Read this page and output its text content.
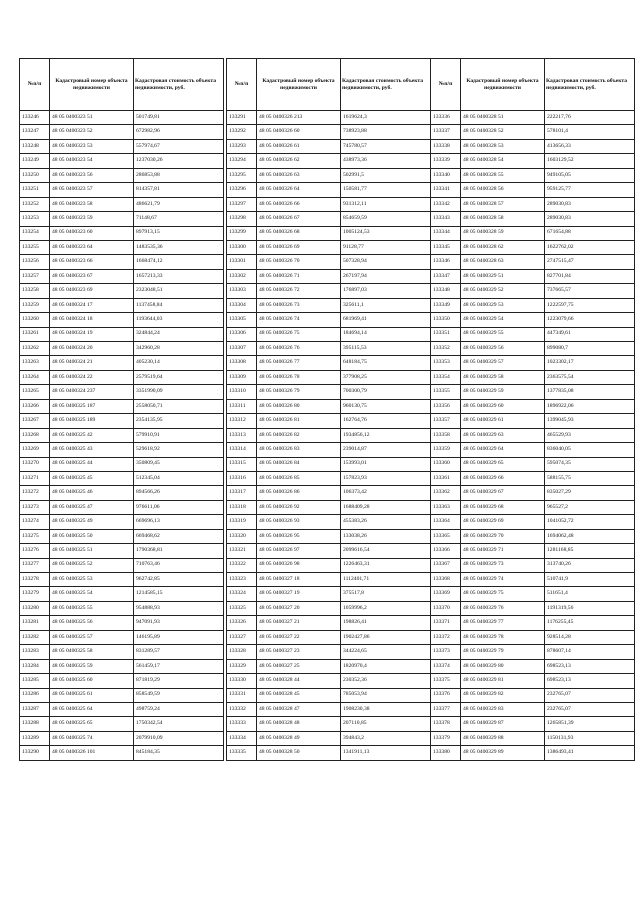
№п/п	Кадастровый номер объекта недвижимости	Кадастровая стоимость объекта недвижимости, руб.
133246	48 05 0400323 51	501749,81
133247	48 05 0400323 52	672982,96
133248	48 05 0400323 53	557974,67
133249	48 05 0400323 54	1237030,26
133250	48 05 0400323 56	286853,88
133251	48 05 0400323 57	814357,81
133252	48 05 0400323 58	486621,79
133253	48 05 0400323 59	71148,67
133254	48 05 0400323 60	897913,15
133255	48 05 0400323 64	1483535,36
133256	48 05 0400323 66	1668474,12
133257	48 05 0400323 67	1657213,33
133258	48 05 0400323 69	2323048,51
133259	48 05 0400324 17	1137458,84
133260	48 05 0400324 18	1193644,03
133261	48 05 0400324 19	324844,24
133262	48 05 0400324 20	342960,28
133263	48 05 0400324 21	405230,14
133264	48 05 0400324 22	2579519,64
133265	48 05 0400324 237	3351990,09
133266	48 05 0400325 187	2558050,71
133267	48 05 0400325 189	2354135,95
133268	48 05 0400325 42	579910,91
133269	48 05 0400325 43	529618,92
133270	48 05 0400325 44	350809,45
133271	48 05 0400325 45	512345,04
133272	48 05 0400325 46	894566,26
133273	48 05 0400325 47	976611,06
133274	48 05 0400325 49	669696,13
133275	48 05 0400325 50	669468,62
133276	48 05 0400325 51	1790368,81
133277	48 05 0400325 52	710763,46
133278	48 05 0400325 53	962742,85
133279	48 05 0400325 54	1214585,15
133280	48 05 0400325 55	954888,93
133281	48 05 0400325 56	947091,93
133282	48 05 0400325 57	146195,89
133283	48 05 0400325 58	831289,57
133284	48 05 0400325 59	561459,17
133285	48 05 0400325 60	871819,29
133286	48 05 0400325 61	858549,59
133287	48 05 0400325 64	498759,24
133288	48 05 0400325 65	1750342,54
133289	48 05 0400325 74	2079910,09
133290	48 05 0400326 101	845184,35
№п/п	Кадастровый номер объекта недвижимости	Кадастровая стоимость объекта недвижимости, руб.
133291	48 05 0400326 213	1619624,3
133292	48 05 0400326 60	738923,88
133293	48 05 0400326 61	745780,57
133294	48 05 0400326 62	438973,36
133295	48 05 0400326 63	502991,5
133296	48 05 0400326 64	150581,77
133297	48 05 0400326 66	931312,11
133298	48 05 0400326 67	854659,59
133299	48 05 0400326 68	1005124,53
133300	48 05 0400326 69	91128,77
133301	48 05 0400326 70	507328,94
133302	48 05 0400326 71	267197,94
133303	48 05 0400326 72	176897,03
133304	48 05 0400326 73	325611,1
133305	48 05 0400326 74	681969,41
133306	48 05 0400326 75	184694,14
133307	48 05 0400326 76	395115,53
133308	48 05 0400326 77	648184,75
133309	48 05 0400326 78	377908,25
133310	48 05 0400326 79	700300,79
133311	48 05 0400326 80	960130,75
133312	48 05 0400326 81	162764,76
133313	48 05 0400326 82	1934856,12
133314	48 05 0400326 83	239014,87
133315	48 05 0400326 84	153993,01
133316	48 05 0400326 85	157823,93
133317	48 05 0400326 86	106373,42
133318	48 05 0400326 92	1688409,28
133319	48 05 0400326 93	455383,26
133320	48 05 0400326 95	133038,26
133321	48 05 0400326 97	2099616,54
133322	48 05 0400326 98	1226463,31
133323	48 05 0400327 18	1112401,71
133324	48 05 0400327 19	375517,8
133325	48 05 0400327 20	1059996,2
133326	48 05 0400327 21	198826,41
133327	48 05 0400327 22	1902427,86
133328	48 05 0400327 23	344224,65
133329	48 05 0400327 25	1820970,4
133330	48 05 0400328 44	230352,36
133331	48 05 0400328 45	785053,94
133332	48 05 0400328 47	1908230,38
133333	48 05 0400328 48	207110,85
133334	48 05 0400328 49	394843,2
133335	48 05 0400328 50	1341911,13
№п/п	Кадастровый номер объекта недвижимости	Кадастровая стоимость объекта недвижимости, руб.
133336	48 05 0400328 51	222217,76
133337	48 05 0400328 52	578101,4
133338	48 05 0400328 53	413656,33
133339	48 05 0400328 54	1603129,52
133340	48 05 0400328 55	949105,05
133341	48 05 0400328 56	959125,77
133342	48 05 0400328 57	289030,83
133343	48 05 0400328 58	289030,83
133344	48 05 0400328 59	671654,88
133345	48 05 0400328 62	1622762,02
133346	48 05 0400328 63	2747515,47
133347	48 05 0400329 51	827701,84
133348	48 05 0400329 52	737665,57
133349	48 05 0400329 53	1222597,75
133350	48 05 0400329 54	1223079,66
133351	48 05 0400329 55	447349,61
133352	48 05 0400329 56	899080,7
133353	48 05 0400329 57	1023302,17
133354	48 05 0400329 58	2363575,54
133355	48 05 0400329 59	1377835,08
133356	48 05 0400329 60	1896922,06
133357	48 05 0400329 61	1399045,93
133358	48 05 0400329 63	465529,93
133359	48 05 0400329 64	836040,05
133360	48 05 0400329 65	595074,35
133361	48 05 0400329 66	588155,75
133362	48 05 0400329 67	835027,29
133363	48 05 0400329 68	965527,2
133364	48 05 0400329 69	1041052,72
133365	48 05 0400329 70	1694062,48
133366	48 05 0400329 71	1281168,85
133367	48 05 0400329 73	313740,26
133368	48 05 0400329 74	510741,9
133369	48 05 0400329 75	511651,4
133370	48 05 0400329 76	1191319,56
133371	48 05 0400329 77	1176255,45
133372	48 05 0400329 78	928514,28
133373	48 05 0400329 79	878607,14
133374	48 05 0400329 80	698523,13
133375	48 05 0400329 81	698523,13
133376	48 05 0400329 82	232765,07
133377	48 05 0400329 83	232765,07
133378	48 05 0400329 87	1265851,39
133379	48 05 0400329 88	1150131,93
133380	48 05 0400329 89	1386493,41
